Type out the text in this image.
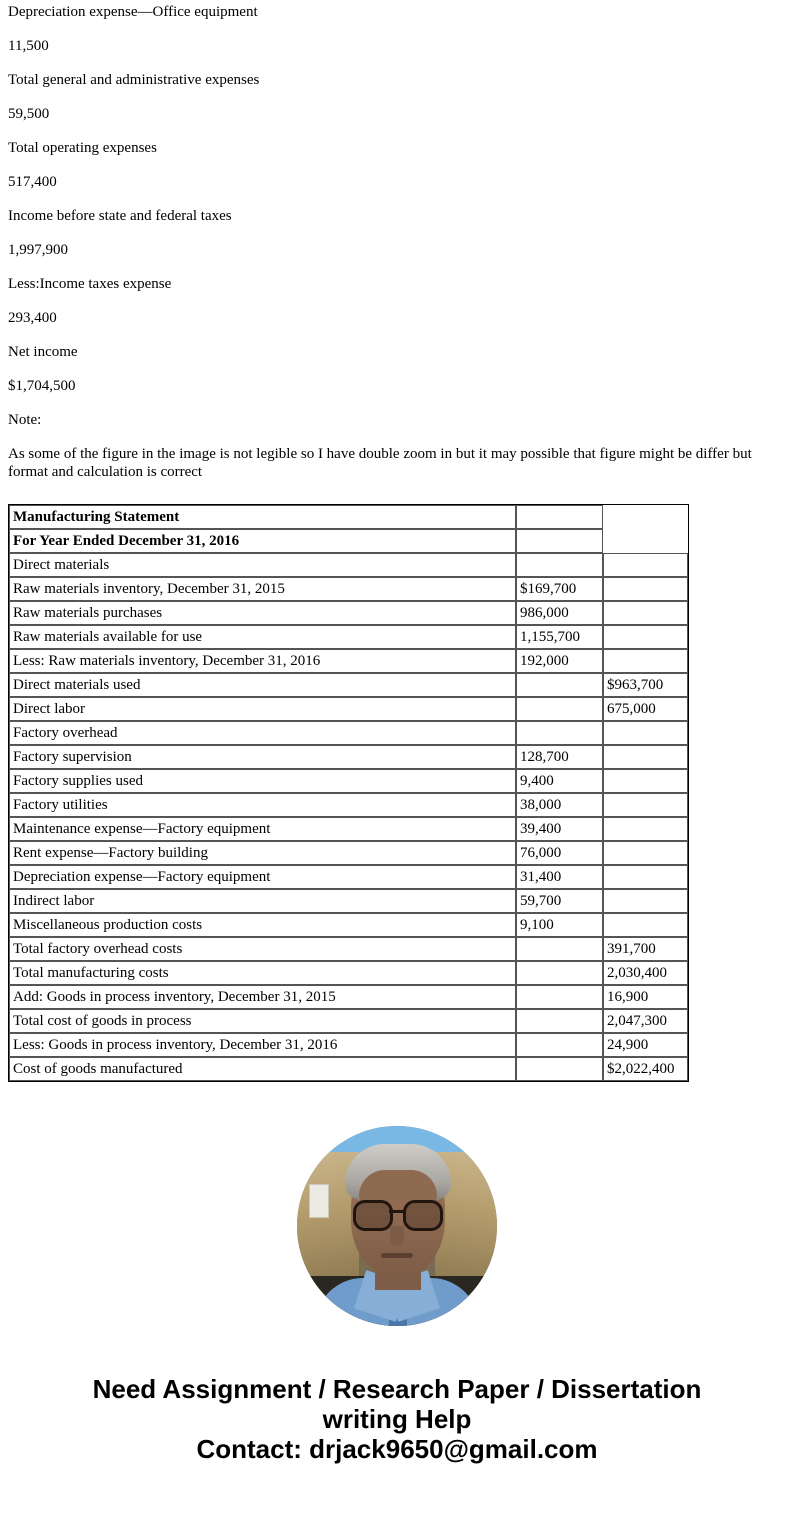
Depreciation expense—Office equipment

11,500

Total general and administrative expenses

59,500

Total operating expenses

517,400

Income before state and federal taxes

1,997,900

Less:Income taxes expense

293,400

Net income

$1,704,500

Note:

As some of the figure in the image is not legible so I have double zoom in but it may possible that figure might be differ but format and calculation is correct

Manufacturing Statement		
For Year Ended December 31, 2016		
Direct materials		
Raw materials inventory, December 31, 2015	$169,700	
Raw materials purchases	986,000	
Raw materials available for use	1,155,700	
Less: Raw materials inventory, December 31, 2016	192,000	
Direct materials used		$963,700
Direct labor		675,000
Factory overhead		
Factory supervision	128,700	
Factory supplies used	9,400	
Factory utilities	38,000	
Maintenance expense—Factory equipment	39,400	
Rent expense—Factory building	76,000	
Depreciation expense—Factory equipment	31,400	
Indirect labor	59,700	
Miscellaneous production costs	9,100	
Total factory overhead costs		391,700
Total manufacturing costs		2,030,400
Add: Goods in process inventory, December 31, 2015		16,900
Total cost of goods in process		2,047,300
Less: Goods in process inventory, December 31, 2016		24,900
Cost of goods manufactured		$2,022,400
Need Assignment / Research Paper / Dissertation
writing Help
Contact: drjack9650@gmail.com
